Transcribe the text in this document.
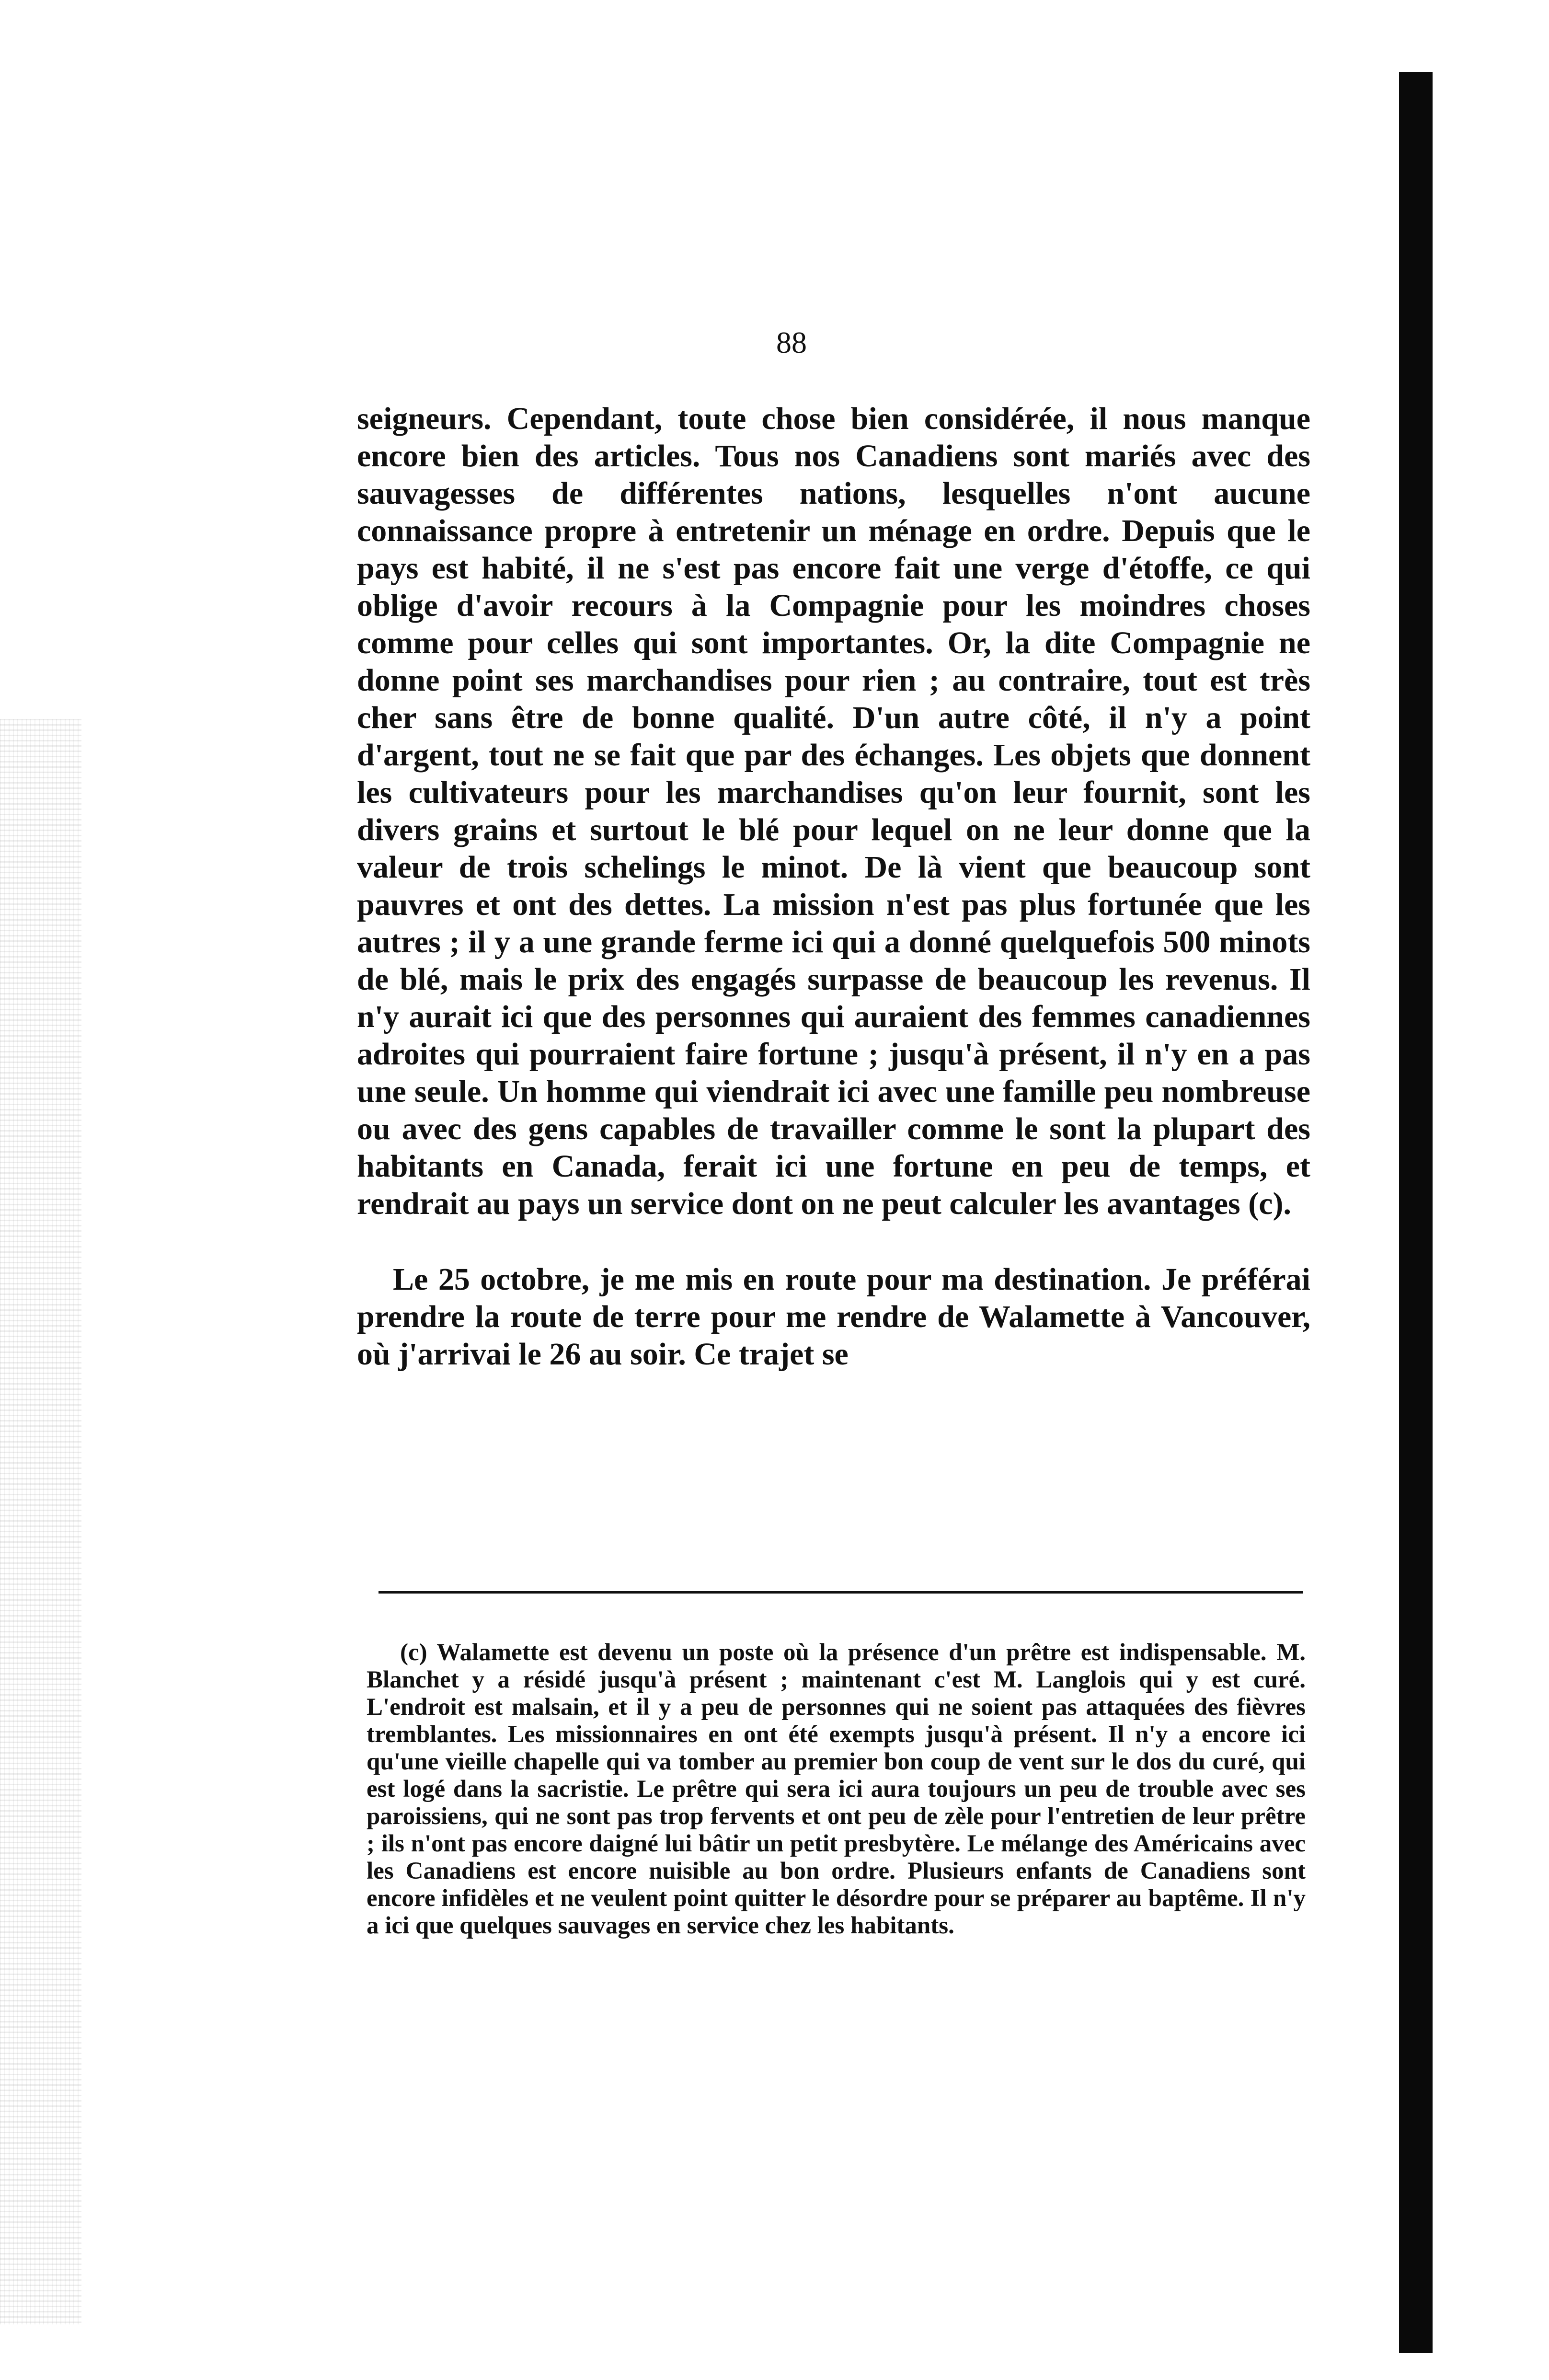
88

seigneurs. Cependant, toute chose bien considérée, il nous manque encore bien des articles. Tous nos Canadiens sont mariés avec des sauvagesses de différentes nations, lesquelles n'ont aucune connaissance propre à entretenir un ménage en ordre. Depuis que le pays est habité, il ne s'est pas encore fait une verge d'étoffe, ce qui oblige d'avoir recours à la Compagnie pour les moindres choses comme pour celles qui sont importantes. Or, la dite Compagnie ne donne point ses marchandises pour rien ; au contraire, tout est très cher sans être de bonne qualité. D'un autre côté, il n'y a point d'argent, tout ne se fait que par des échanges. Les objets que donnent les cultivateurs pour les marchandises qu'on leur fournit, sont les divers grains et surtout le blé pour lequel on ne leur donne que la valeur de trois schelings le minot. De là vient que beaucoup sont pauvres et ont des dettes. La mission n'est pas plus fortunée que les autres ; il y a une grande ferme ici qui a donné quelquefois 500 minots de blé, mais le prix des engagés surpasse de beaucoup les revenus. Il n'y aurait ici que des personnes qui auraient des femmes canadiennes adroites qui pourraient faire fortune ; jusqu'à présent, il n'y en a pas une seule. Un homme qui viendrait ici avec une famille peu nombreuse ou avec des gens capables de travailler comme le sont la plupart des habitants en Canada, ferait ici une fortune en peu de temps, et rendrait au pays un service dont on ne peut calculer les avantages (c).

Le 25 octobre, je me mis en route pour ma destination. Je préférai prendre la route de terre pour me rendre de Walamette à Vancouver, où j'arrivai le 26 au soir. Ce trajet se

(c) Walamette est devenu un poste où la présence d'un prêtre est indispensable. M. Blanchet y a résidé jusqu'à présent ; maintenant c'est M. Langlois qui y est curé. L'endroit est malsain, et il y a peu de personnes qui ne soient pas attaquées des fièvres tremblantes. Les missionnaires en ont été exempts jusqu'à présent. Il n'y a encore ici qu'une vieille chapelle qui va tomber au premier bon coup de vent sur le dos du curé, qui est logé dans la sacristie. Le prêtre qui sera ici aura toujours un peu de trouble avec ses paroissiens, qui ne sont pas trop fervents et ont peu de zèle pour l'entretien de leur prêtre ; ils n'ont pas encore daigné lui bâtir un petit presbytère. Le mélange des Américains avec les Canadiens est encore nuisible au bon ordre. Plusieurs enfants de Canadiens sont encore infidèles et ne veulent point quitter le désordre pour se préparer au baptême. Il n'y a ici que quelques sauvages en service chez les habitants.
